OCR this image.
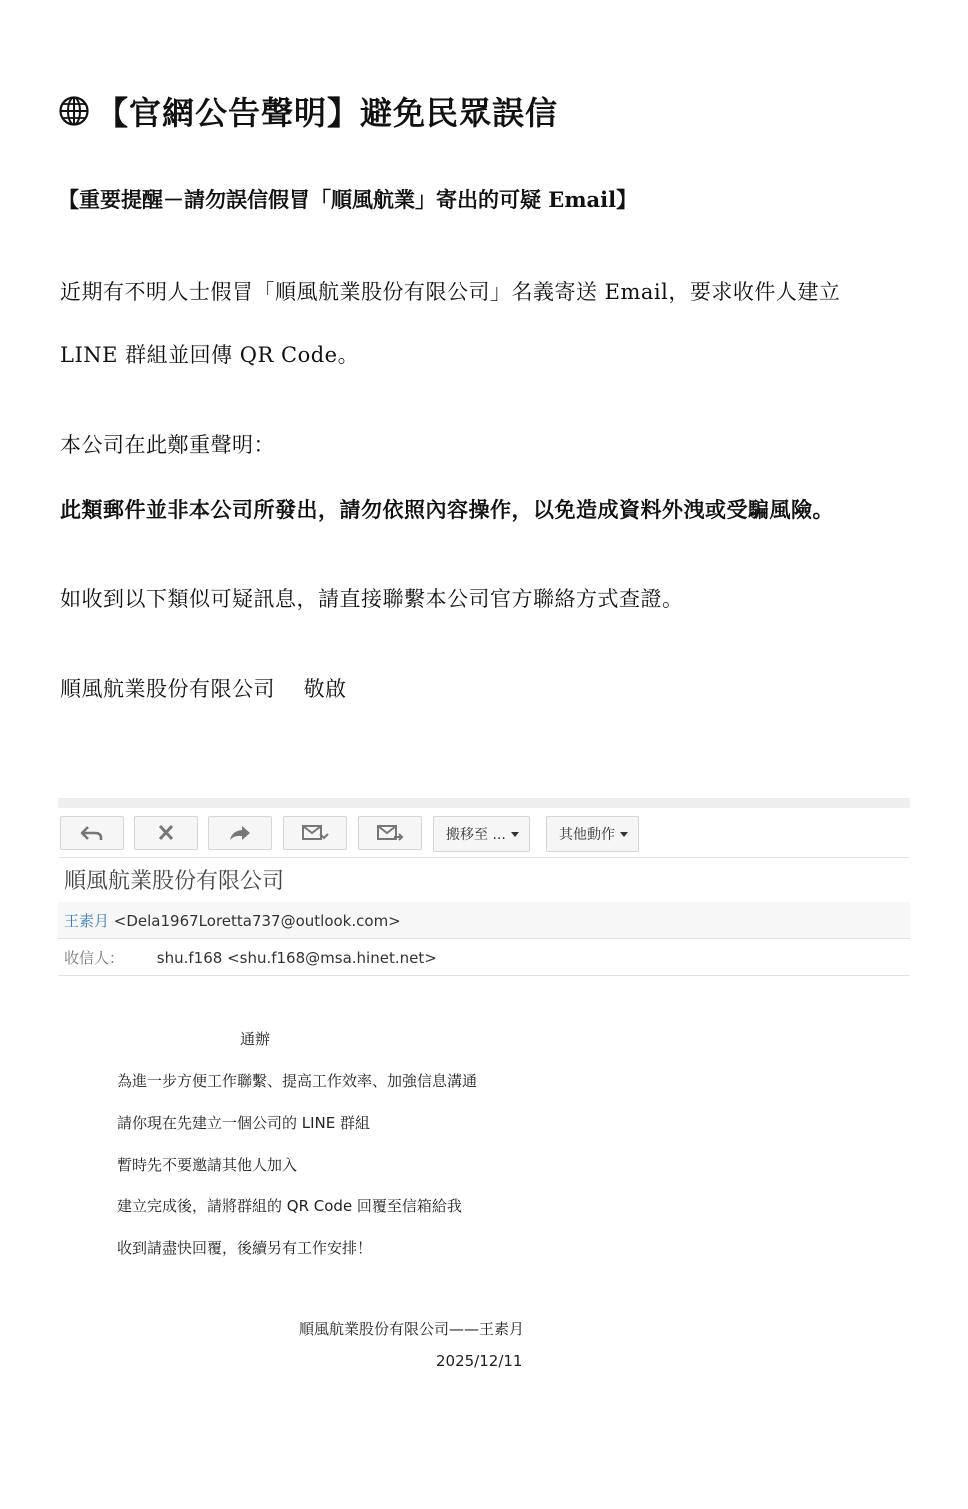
【官網公告聲明】避免民眾誤信
【重要提醒－請勿誤信假冒「順風航業」寄出的可疑 Email】
近期有不明人士假冒「順風航業股份有限公司」名義寄送 Email，要求收件人建立
LINE 群組並回傳 QR Code。
本公司在此鄭重聲明：
此類郵件並非本公司所發出，請勿依照內容操作，以免造成資料外洩或受騙風險。
如收到以下類似可疑訊息，請直接聯繫本公司官方聯絡方式查證。
順風航業股份有限公司　 敬啟
搬移至 ...	其他動作
順風航業股份有限公司
王素月 <Dela1967Loretta737@outlook.com>
收信人： shu.f168 <shu.f168@msa.hinet.net>
通辦
為進一步方便工作聯繫、提高工作效率、加強信息溝通
請你現在先建立一個公司的 LINE 群組
暫時先不要邀請其他人加入
建立完成後，請將群組的 QR Code 回覆至信箱給我
收到請盡快回覆，後續另有工作安排！
順風航業股份有限公司——王素月
2025/12/11
